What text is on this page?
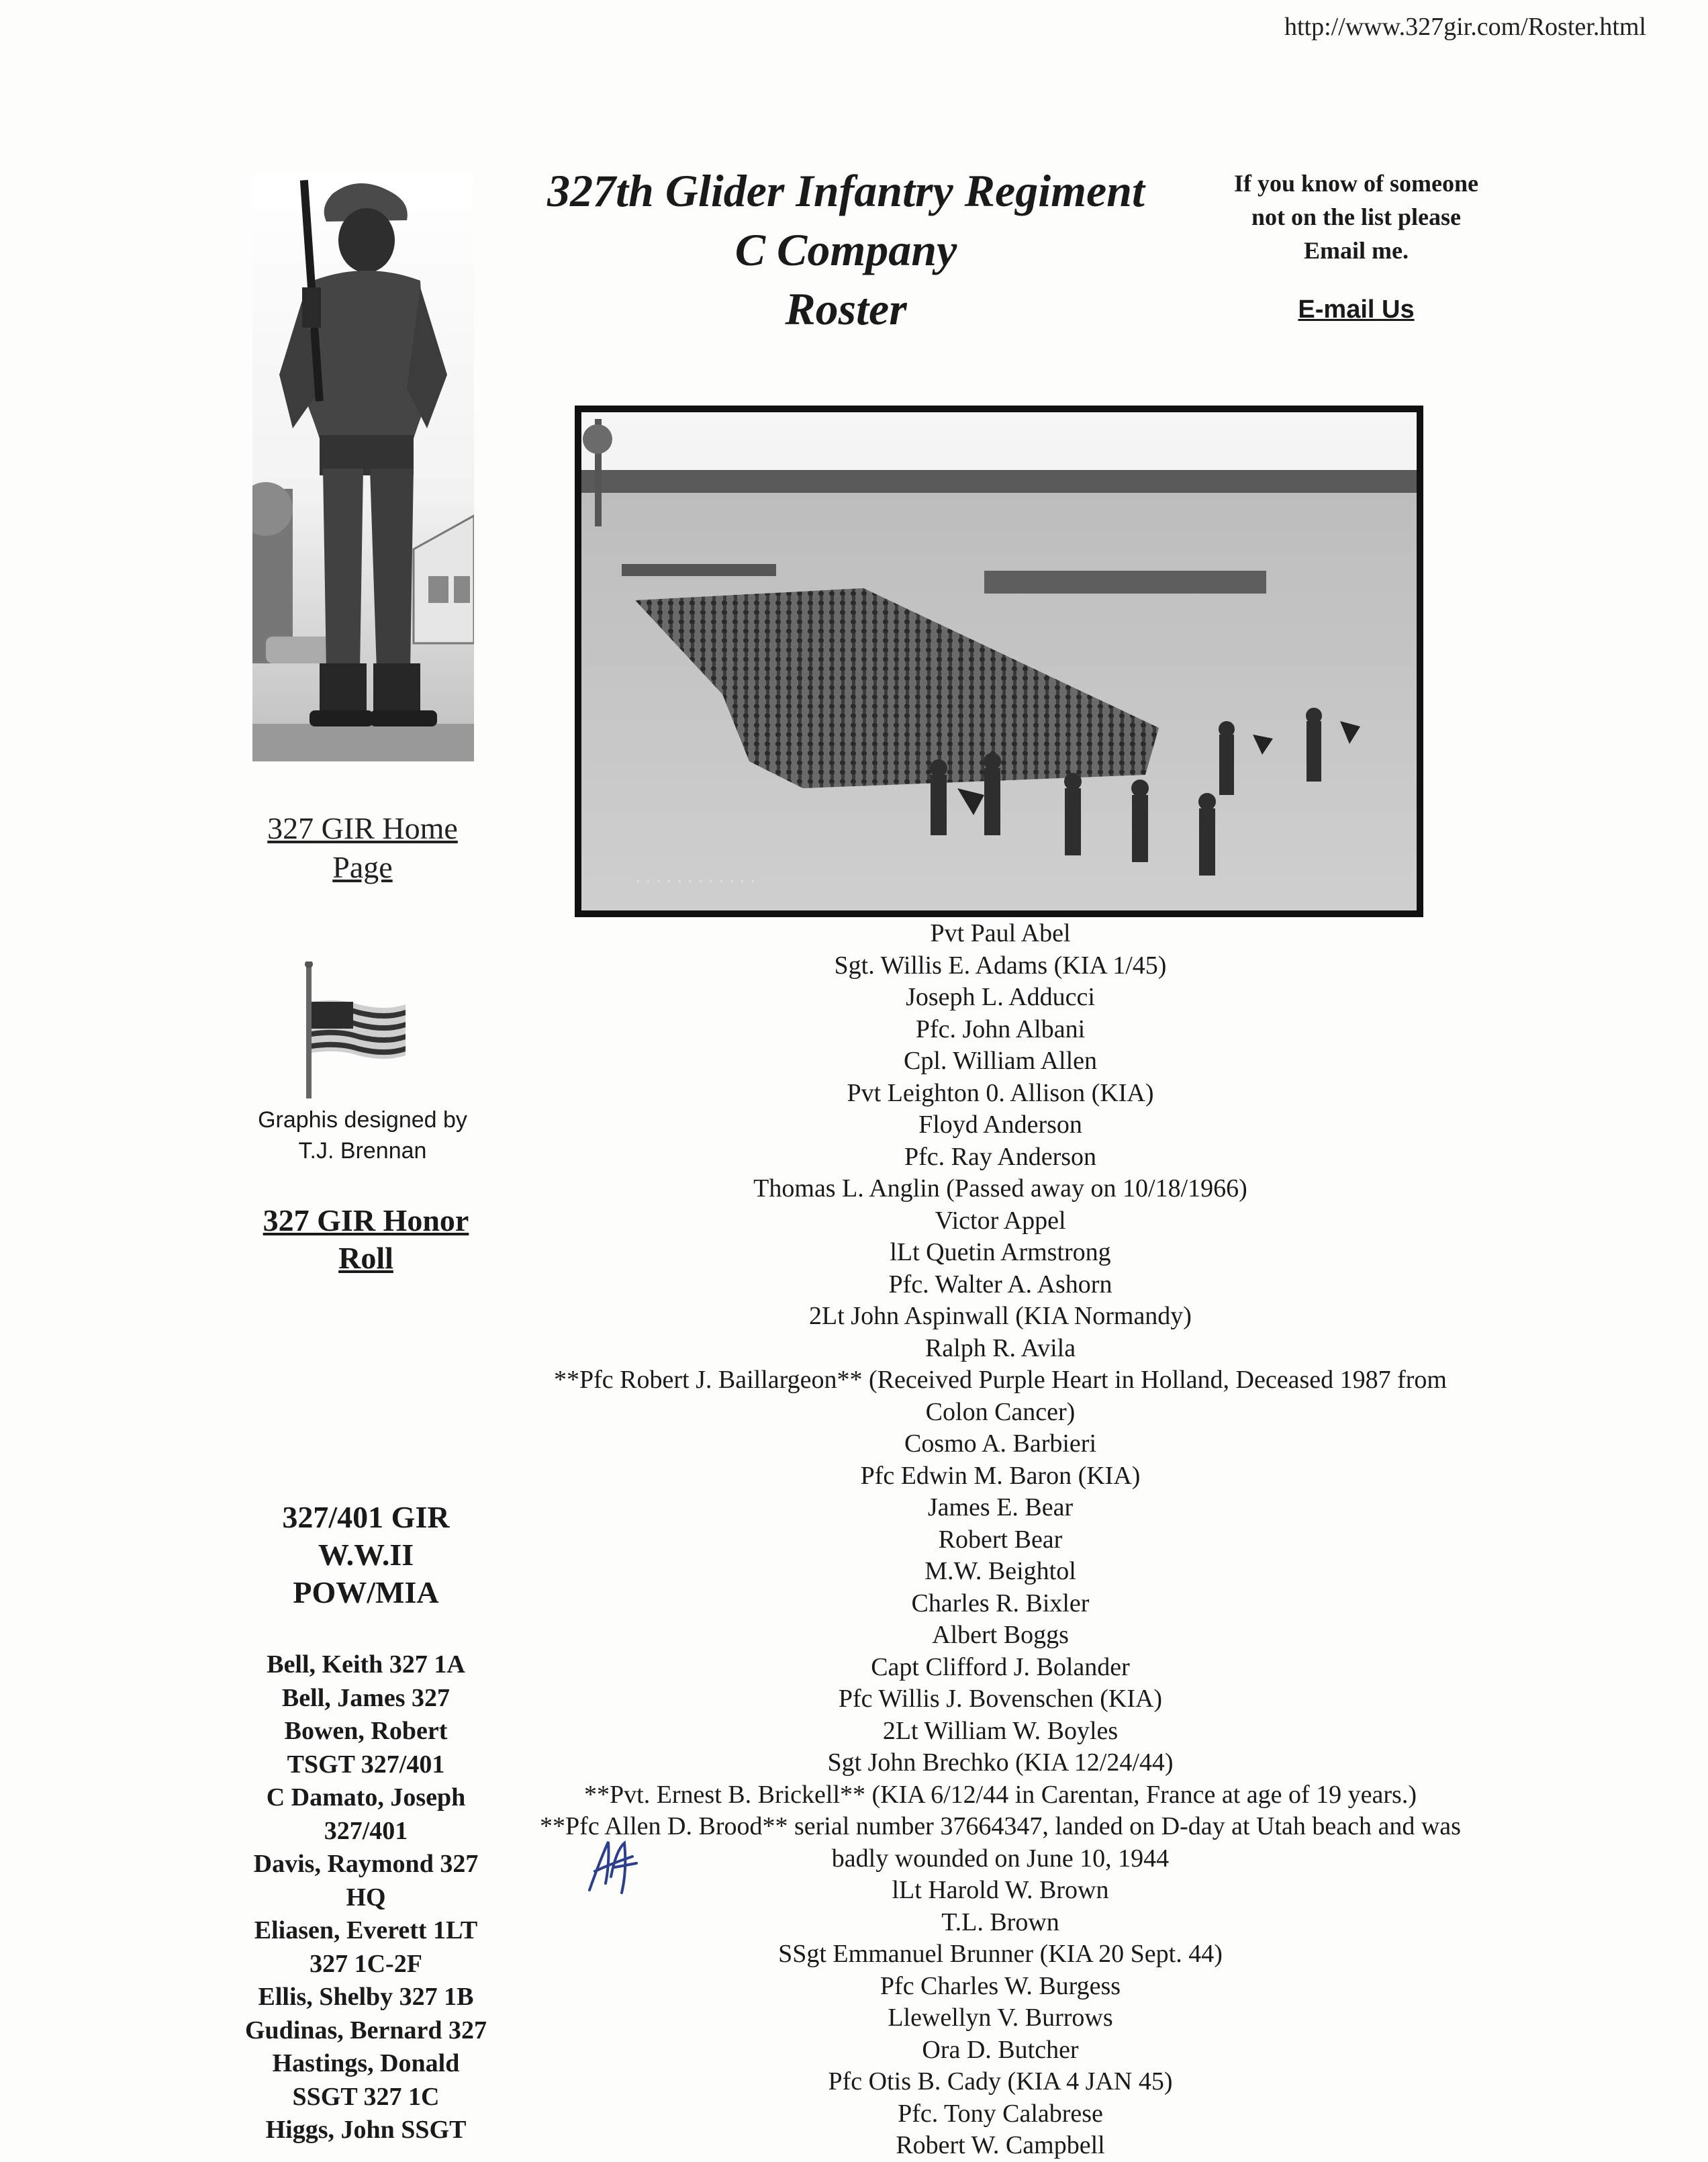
http://www.327gir.com/Roster.html
327 GIR Home
Page
Graphis designed by
T.J. Brennan
327 GIR Honor
Roll
327/401 GIR
W.W.II
POW/MIA
Bell, Keith 327 1A
Bell, James 327
Bowen, Robert
TSGT 327/401
C Damato, Joseph
327/401
Davis, Raymond 327
HQ
Eliasen, Everett 1LT
327 1C-2F
Ellis, Shelby 327 1B
Gudinas, Bernard 327
Hastings, Donald
SSGT 327 1C
Higgs, John SSGT
327th Glider Infantry Regiment
C Company
Roster
If you know of someone
not on the list please
Email me.
E-mail Us
. . . . . . . . . . . .
Pvt Paul Abel
Sgt. Willis E. Adams (KIA 1/45)
Joseph L. Adducci
Pfc. John Albani
Cpl. William Allen
Pvt Leighton 0. Allison (KIA)
Floyd Anderson
Pfc. Ray Anderson
Thomas L. Anglin (Passed away on 10/18/1966)
Victor Appel
lLt Quetin Armstrong
Pfc. Walter A. Ashorn
2Lt John Aspinwall (KIA Normandy)
Ralph R. Avila
**Pfc Robert J. Baillargeon** (Received Purple Heart in Holland, Deceased 1987 from
Colon Cancer)
Cosmo A. Barbieri
Pfc Edwin M. Baron (KIA)
James E. Bear
Robert Bear
M.W. Beightol
Charles R. Bixler
Albert Boggs
Capt Clifford J. Bolander
Pfc Willis J. Bovenschen (KIA)
2Lt William W. Boyles
Sgt John Brechko (KIA 12/24/44)
**Pvt. Ernest B. Brickell** (KIA 6/12/44 in Carentan, France at age of 19 years.)
**Pfc Allen D. Brood** serial number 37664347, landed on D-day at Utah beach and was
badly wounded on June 10, 1944
lLt Harold W. Brown
T.L. Brown
SSgt Emmanuel Brunner (KIA 20 Sept. 44)
Pfc Charles W. Burgess
Llewellyn V. Burrows
Ora D. Butcher
Pfc Otis B. Cady (KIA 4 JAN 45)
Pfc. Tony Calabrese
Robert W. Campbell
